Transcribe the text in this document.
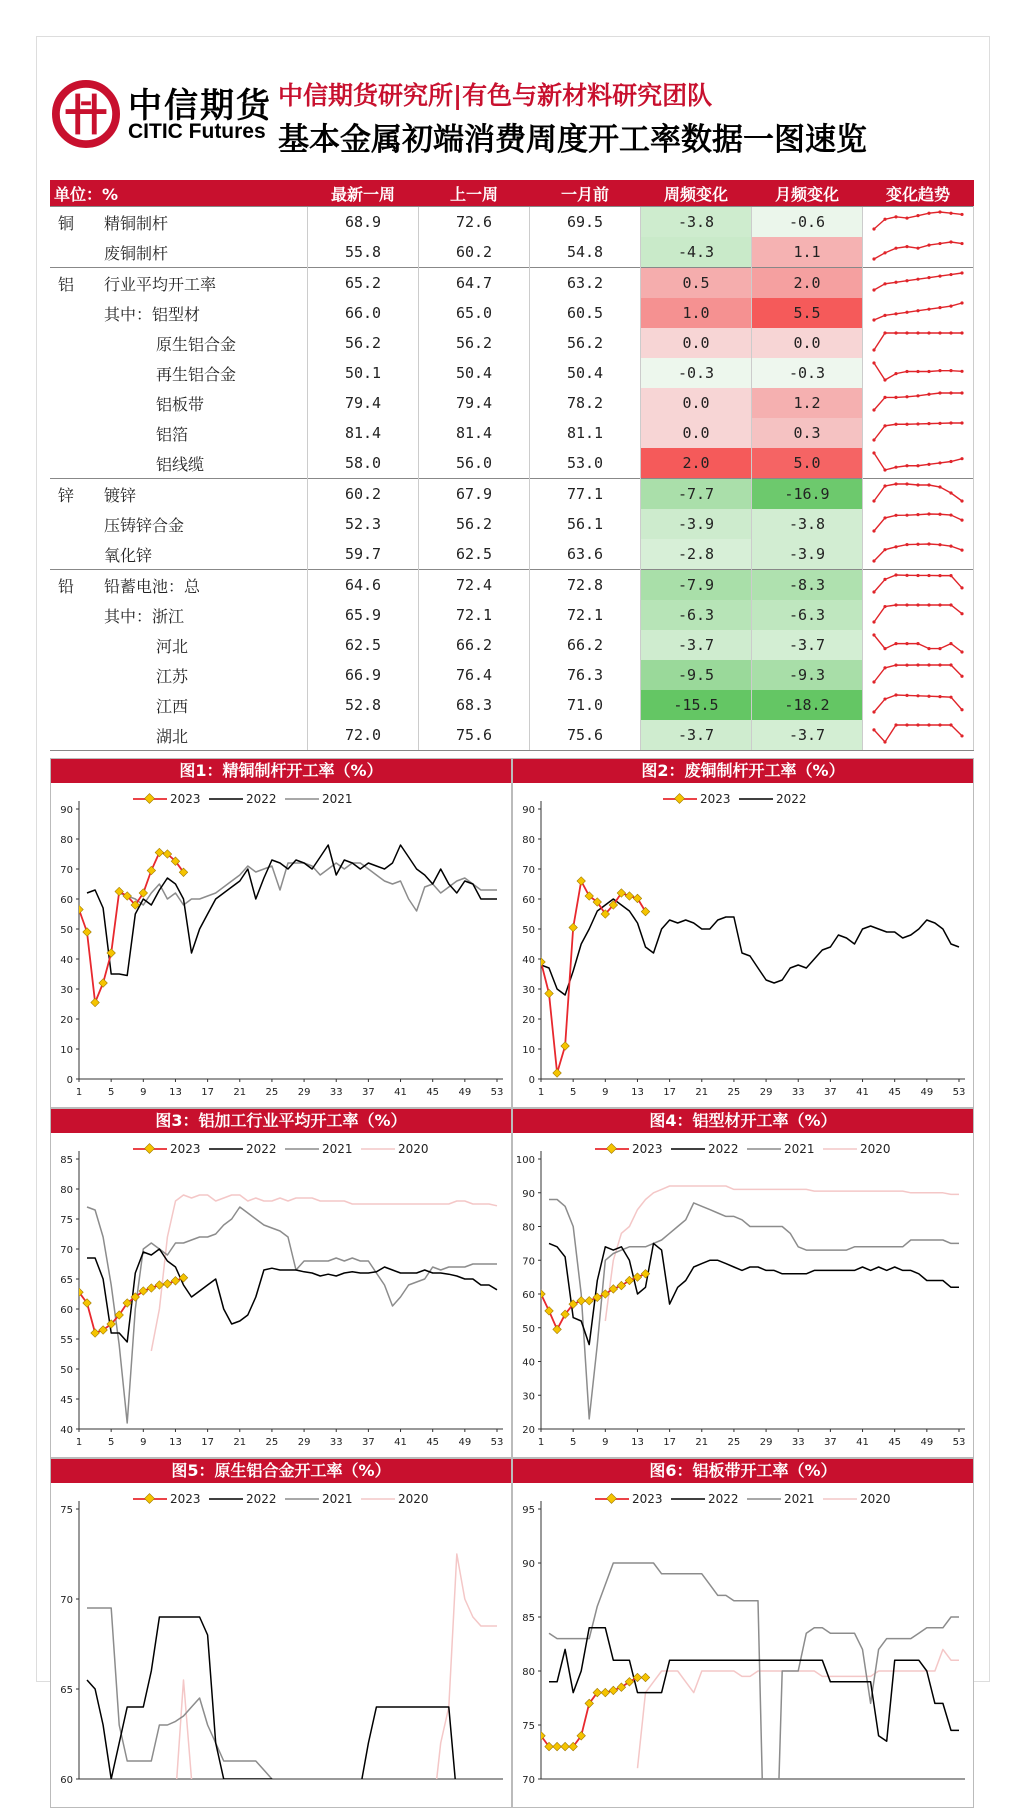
中信期货
CITIC Futures
中信期货研究所|有色与新材料研究团队
基本金属初端消费周度开工率数据一图速览
单位：%		最新一周	上一周	一月前	周频变化	月频变化	变化趋势
铜	精铜制杆	68.9	72.6	69.5	-3.8	-0.6	
	废铜制杆	55.8	60.2	54.8	-4.3	1.1	
铝	行业平均开工率	65.2	64.7	63.2	0.5	2.0	
	其中：铝型材	66.0	65.0	60.5	1.0	5.5	
	原生铝合金	56.2	56.2	56.2	0.0	0.0	
	再生铝合金	50.1	50.4	50.4	-0.3	-0.3	
	铝板带	79.4	79.4	78.2	0.0	1.2	
	铝箔	81.4	81.4	81.1	0.0	0.3	
	铝线缆	58.0	56.0	53.0	2.0	5.0	
锌	镀锌	60.2	67.9	77.1	-7.7	-16.9	
	压铸锌合金	52.3	56.2	56.1	-3.9	-3.8	
	氧化锌	59.7	62.5	63.6	-2.8	-3.9	
铅	铅蓄电池：总	64.6	72.4	72.8	-7.9	-8.3	
	其中：浙江	65.9	72.1	72.1	-6.3	-6.3	
	河北	62.5	66.2	66.2	-3.7	-3.7	
	江苏	66.9	76.4	76.3	-9.5	-9.3	
	江西	52.8	68.3	71.0	-15.5	-18.2	
	湖北	72.0	75.6	75.6	-3.7	-3.7	
图1：精铜制杆开工率（%）
0
10
20
30
40
50
60
70
80
90
1	5	9 13 17 21 25 29 33 37 41 45 49 53
2023	2022	2021
图2：废铜制杆开工率（%）
0
10
20
30
40
50
60
70
80
90
1	5	9 13 17 21 25 29 33 37 41 45 49 53
2023	2022
图3：铝加工行业平均开工率（%）
40
45
50
55
60
65
70
75
80
85
1	5	9 13 17 21 25 29 33 37 41 45 49 53
2023	2022	2021	2020
图4：铝型材开工率（%）
20
30
40
50
60
70
80
90
100
1	5	9 13 17 21 25 29 33 37 41 45 49 53
2023	2022	2021	2020
图5：原生铝合金开工率（%）
60
65
70
75
2023	2022	2021	2020
图6：铝板带开工率（%）
70
75
80
85
90
95
2023	2022	2021	2020
